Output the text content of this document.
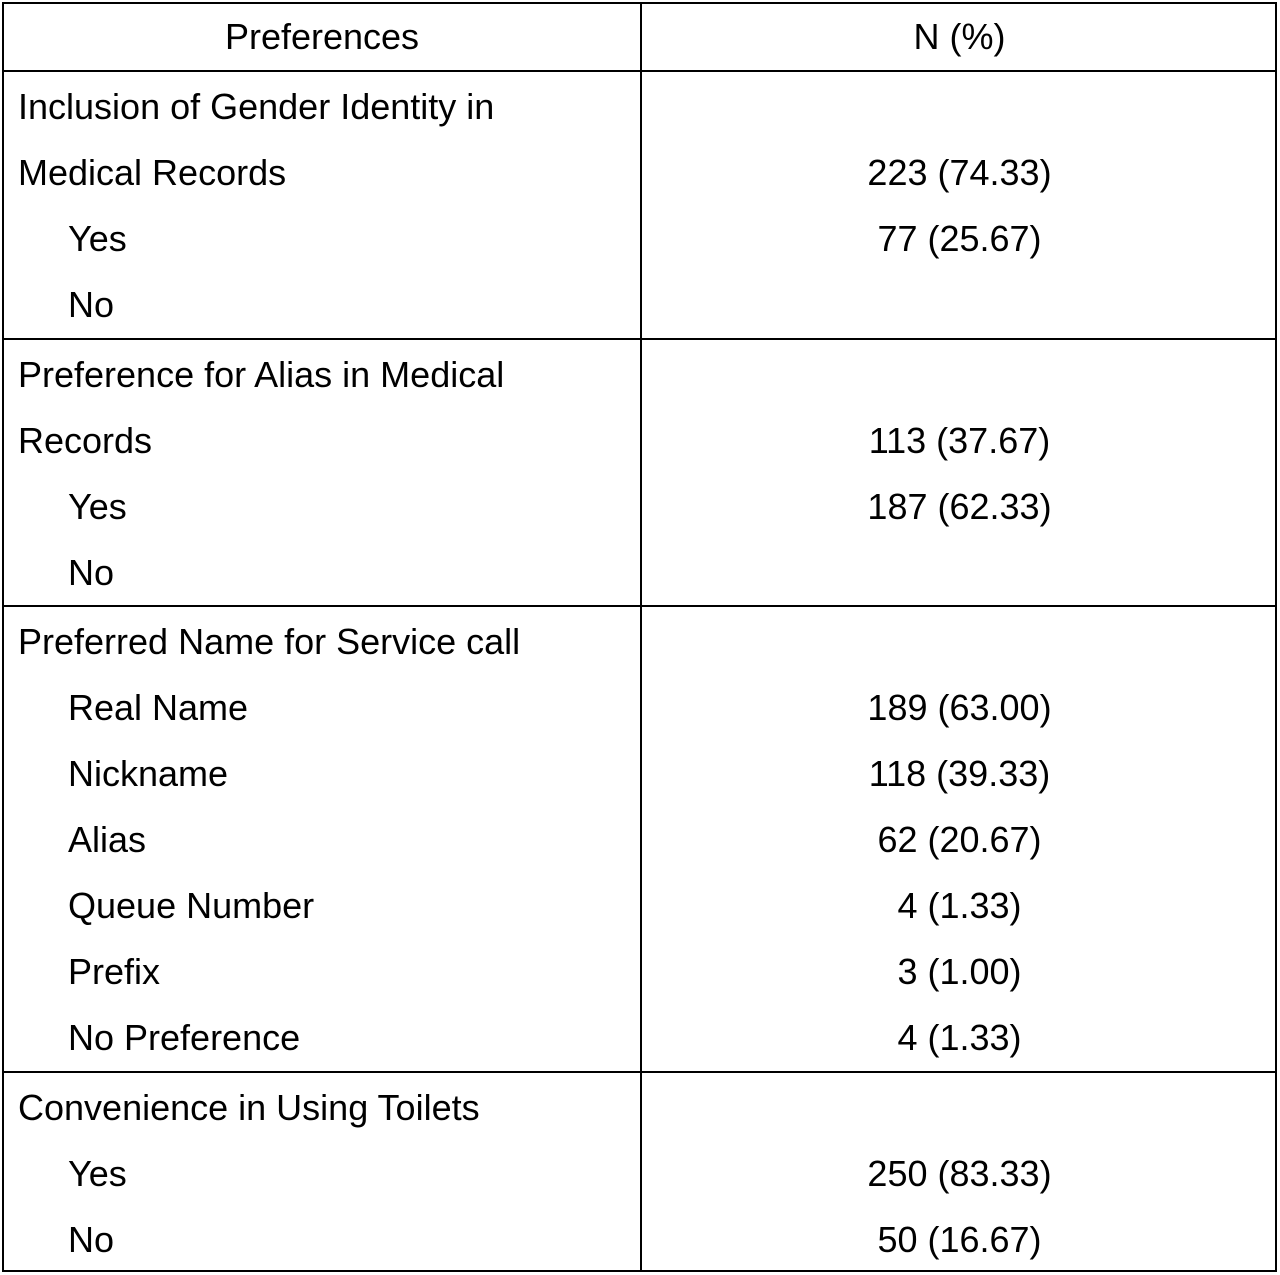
Preferences	N (%)
Inclusion of Gender Identity in
Medical Records	223 (74.33)
Yes	77 (25.67)
No
Preference for Alias in Medical
Records	113 (37.67)
Yes	187 (62.33)
No
Preferred Name for Service call
Real Name	189 (63.00)
Nickname	118 (39.33)
Alias	62 (20.67)
Queue Number	4 (1.33)
Prefix	3 (1.00)
No Preference	4 (1.33)
Convenience in Using Toilets
Yes	250 (83.33)
No	50 (16.67)
